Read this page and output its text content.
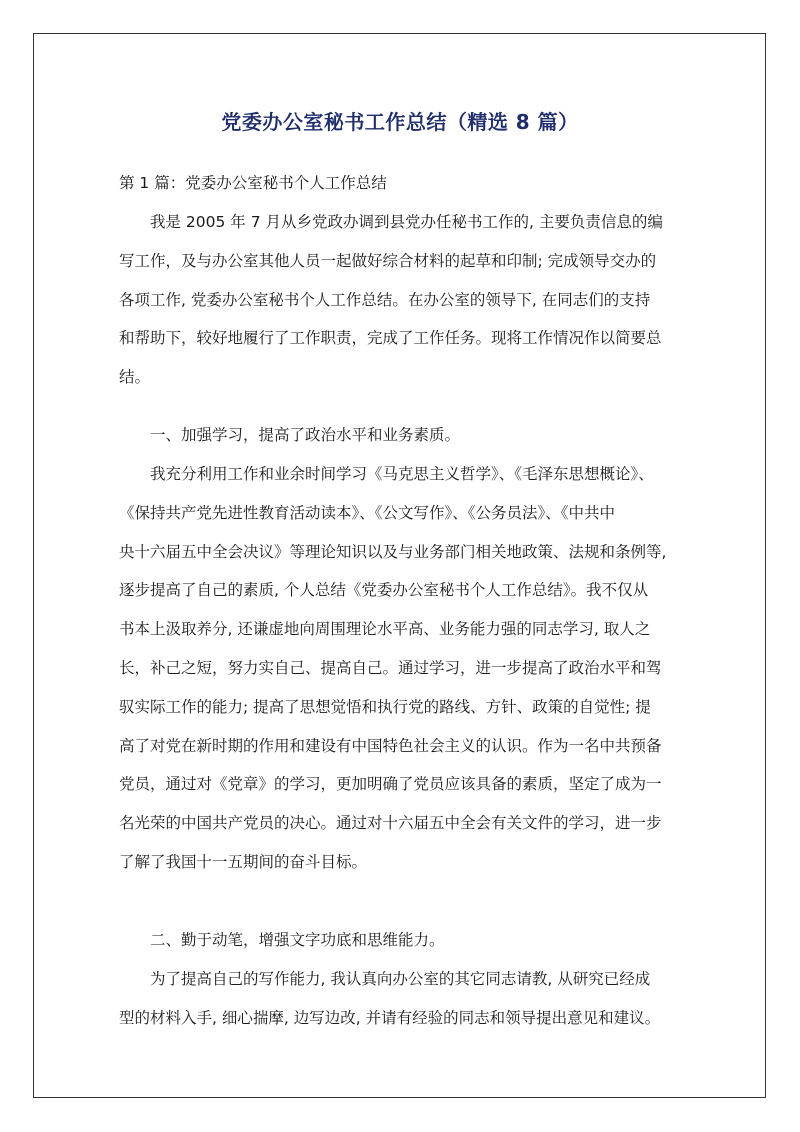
党委办公室秘书工作总结（精选 8 篇）

第 1 篇：党委办公室秘书个人工作总结

我是 2005 年 7 月从乡党政办调到县党办任秘书工作的, 主要负责信息的编
写工作，及与办公室其他人员一起做好综合材料的起草和印制; 完成领导交办的
各项工作, 党委办公室秘书个人工作总结。在办公室的领导下, 在同志们的支持
和帮助下，较好地履行了工作职责，完成了工作任务。现将工作情况作以简要总
结。
一、加强学习，提高了政治水平和业务素质。
我充分利用工作和业余时间学习《马克思主义哲学》、《毛泽东思想概论》、
《保持共产党先进性教育活动读本》、《公文写作》、《公务员法》、《中共中
央十六届五中全会决议》等理论知识以及与业务部门相关地政策、法规和条例等,
逐步提高了自己的素质, 个人总结《党委办公室秘书个人工作总结》。我不仅从
书本上汲取养分, 还谦虚地向周围理论水平高、业务能力强的同志学习, 取人之
长，补己之短，努力实自己、提高自己。通过学习，进一步提高了政治水平和驾
驭实际工作的能力; 提高了思想觉悟和执行党的路线、方针、政策的自觉性; 提
高了对党在新时期的作用和建设有中国特色社会主义的认识。作为一名中共预备
党员，通过对《党章》的学习，更加明确了党员应该具备的素质，坚定了成为一
名光荣的中国共产党员的决心。通过对十六届五中全会有关文件的学习，进一步
了解了我国十一五期间的奋斗目标。
二、勤于动笔，增强文字功底和思维能力。
为了提高自己的写作能力, 我认真向办公室的其它同志请教, 从研究已经成
型的材料入手, 细心揣摩, 边写边改, 并请有经验的同志和领导提出意见和建议。
